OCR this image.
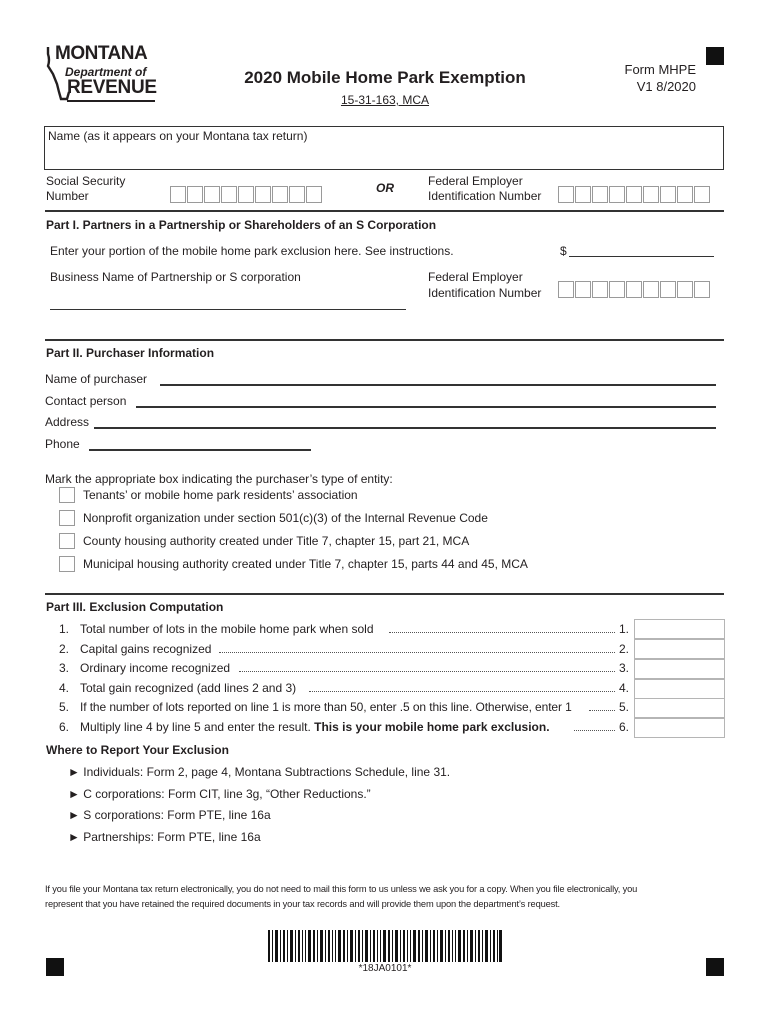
MONTANA
Department of
REVENUE	2020 Mobile Home Park Exemption
15-31-163, MCA
Form MHPE
V1 8/2020
Name (as it appears on your Montana tax return)
Social Security
Number
OR	Federal Employer
Identification Number
Part I. Partners in a Partnership or Shareholders of an S Corporation
Enter your portion of the mobile home park exclusion here. See instructions.	$
Business Name of Partnership or S corporation	Federal Employer
Identification Number
Part II. Purchaser Information
Name of purchaser
Contact person
Address
Phone
Mark the appropriate box indicating the purchaser’s type of entity:
Tenants’ or mobile home park residents’ association
Nonprofit organization under section 501(c)(3) of the Internal Revenue Code
County housing authority created under Title 7, chapter 15, part 21, MCA
Municipal housing authority created under Title 7, chapter 15, parts 44 and 45, MCA
Part III. Exclusion Computation
1. Total number of lots in the mobile home park when sold	1.
2. Capital gains recognized	2.
3. Ordinary income recognized	3.
4. Total gain recognized (add lines 2 and 3)	4.
5. If the number of lots reported on line 1 is more than 50, enter .5 on this line. Otherwise, enter 1	5.
6. Multiply line 4 by line 5 and enter the result. This is your mobile home park exclusion.	6.
Where to Report Your Exclusion
► Individuals: Form 2, page 4, Montana Subtractions Schedule, line 31.
► C corporations: Form CIT, line 3g, “Other Reductions.”
► S corporations: Form PTE, line 16a
► Partnerships: Form PTE, line 16a
If you file your Montana tax return electronically, you do not need to mail this form to us unless we ask you for a copy. When you file electronically, you
represent that you have retained the required documents in your tax records and will provide them upon the department’s request.
*18JA0101*
